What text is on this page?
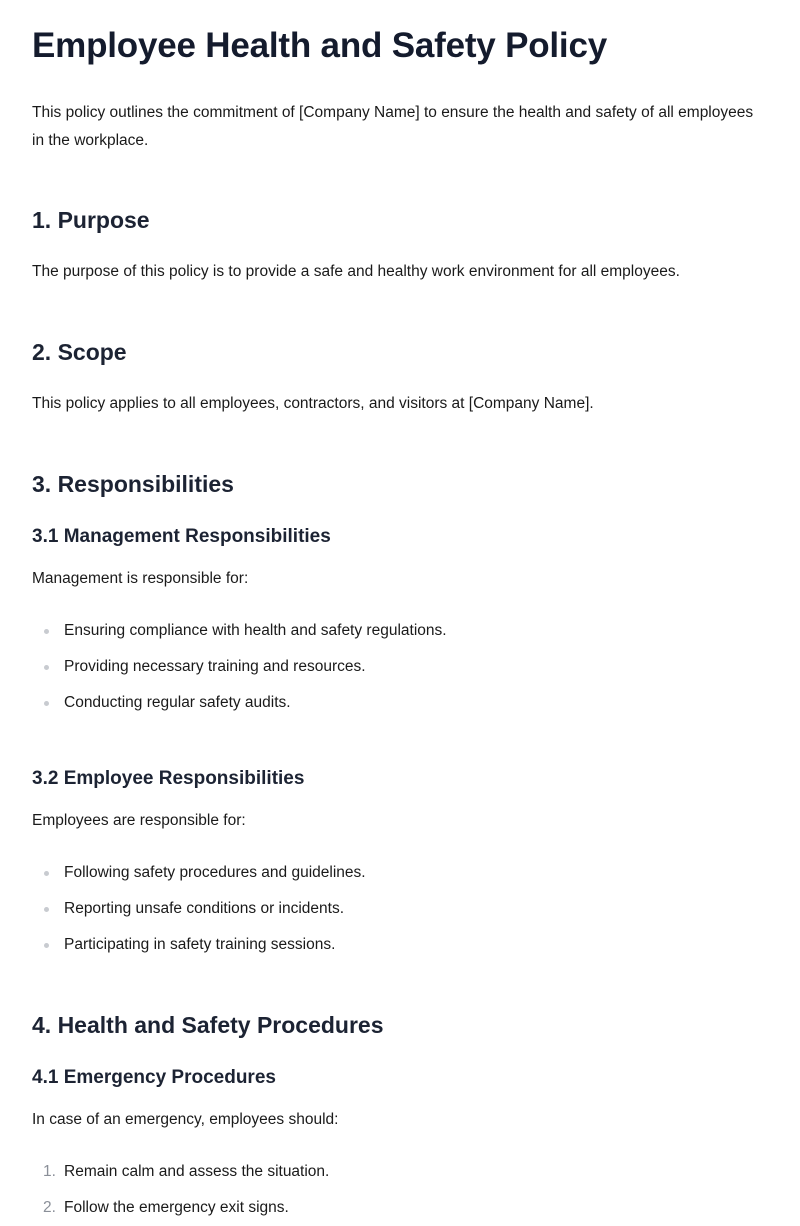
Employee Health and Safety Policy

This policy outlines the commitment of [Company Name] to ensure the health and safety of all employees in the workplace.

1. Purpose

The purpose of this policy is to provide a safe and healthy work environment for all employees.

2. Scope

This policy applies to all employees, contractors, and visitors at [Company Name].

3. Responsibilities
3.1 Management Responsibilities

Management is responsible for:

Ensuring compliance with health and safety regulations.
Providing necessary training and resources.
Conducting regular safety audits.
3.2 Employee Responsibilities

Employees are responsible for:

Following safety procedures and guidelines.
Reporting unsafe conditions or incidents.
Participating in safety training sessions.
4. Health and Safety Procedures
4.1 Emergency Procedures

In case of an emergency, employees should:

1. Remain calm and assess the situation.
2. Follow the emergency exit signs.
